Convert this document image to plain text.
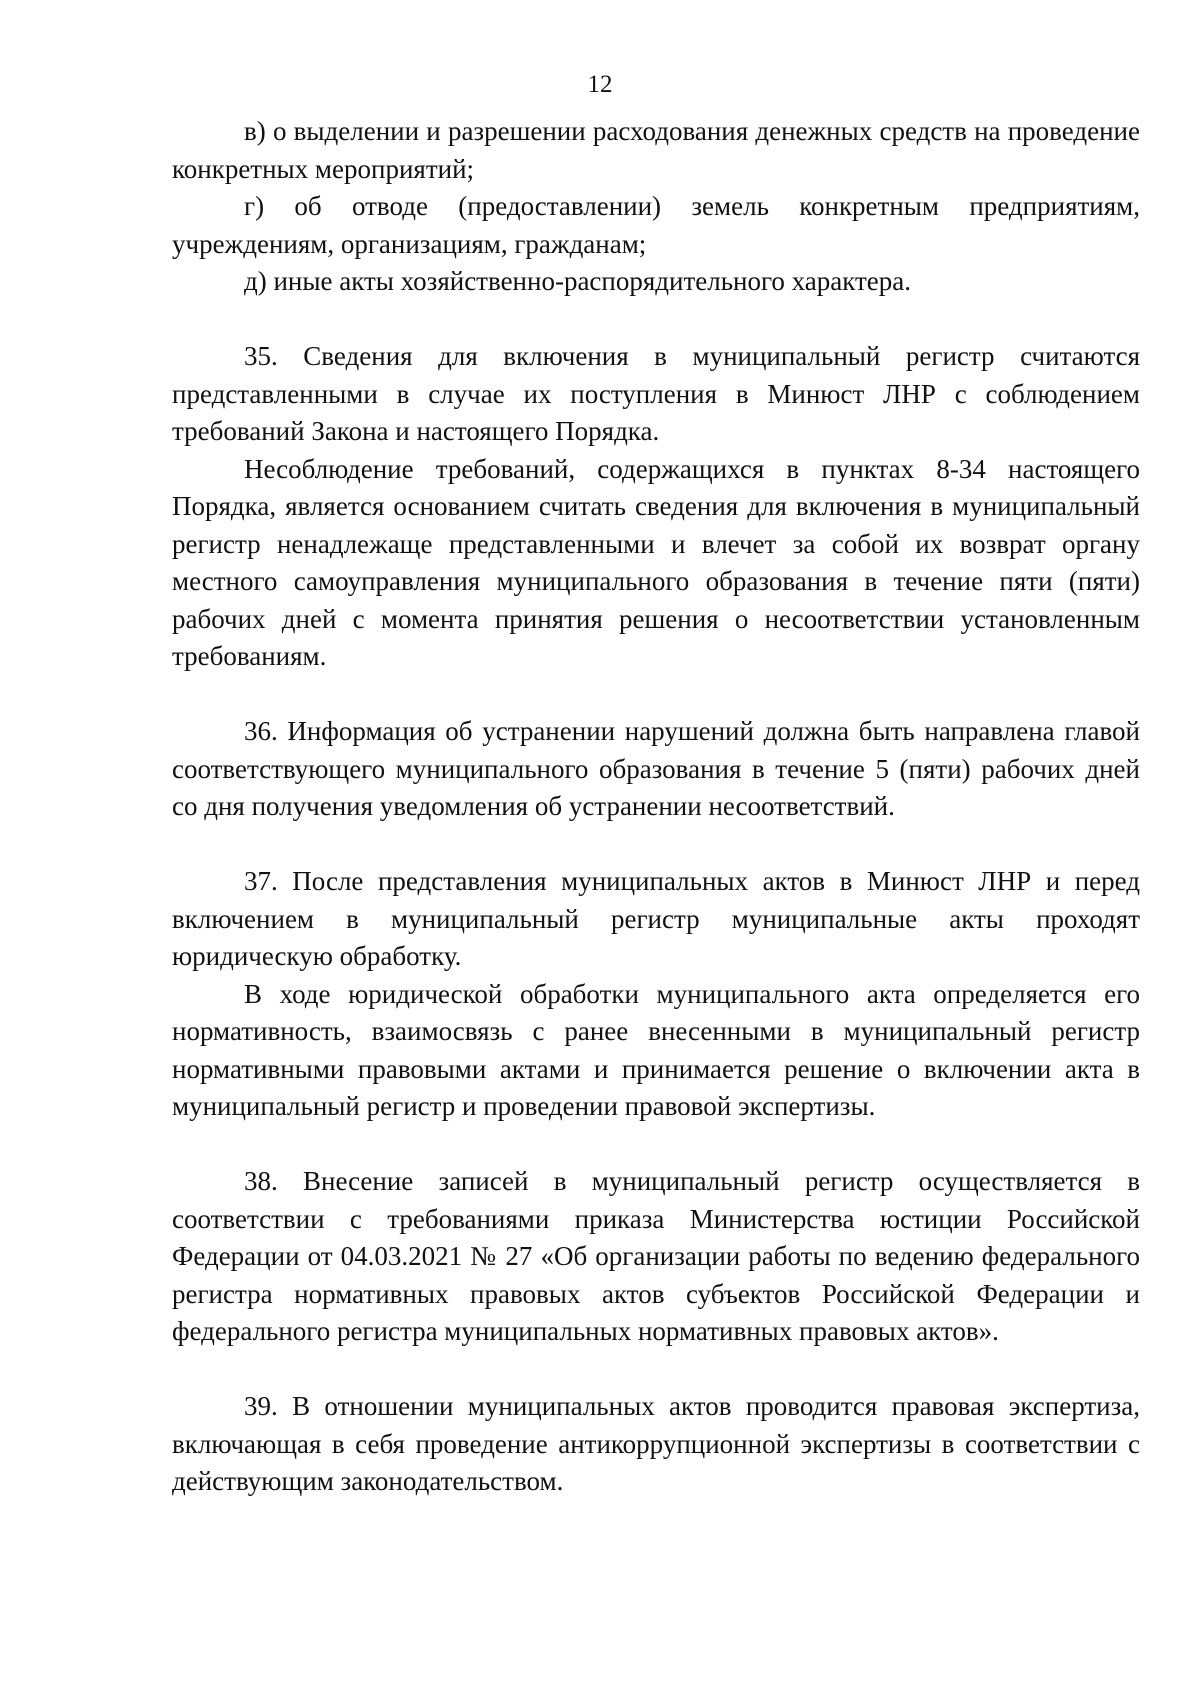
12

в) о выделении и разрешении расходования денежных средств на проведение конкретных мероприятий;

г) об отводе (предоставлении) земель конкретным предприятиям, учреждениям, организациям, гражданам;

д) иные акты хозяйственно-распорядительного характера.

35. Сведения для включения в муниципальный регистр считаются представленными в случае их поступления в Минюст ЛНР с соблюдением требований Закона и настоящего Порядка.

Несоблюдение требований, содержащихся в пунктах 8-34 настоящего Порядка, является основанием считать сведения для включения в муниципальный регистр ненадлежаще представленными и влечет за собой их возврат органу местного самоуправления муниципального образования в течение пяти (пяти) рабочих дней с момента принятия решения о несоответствии установленным требованиям.

36. Информация об устранении нарушений должна быть направлена главой соответствующего муниципального образования в течение 5 (пяти) рабочих дней со дня получения уведомления об устранении несоответствий.

37. После представления муниципальных актов в Минюст ЛНР и перед включением в муниципальный регистр муниципальные акты проходят юридическую обработку.

В ходе юридической обработки муниципального акта определяется его нормативность, взаимосвязь с ранее внесенными в муниципальный регистр нормативными правовыми актами и принимается решение о включении акта в муниципальный регистр и проведении правовой экспертизы.

38. Внесение записей в муниципальный регистр осуществляется в соответствии с требованиями приказа Министерства юстиции Российской Федерации от 04.03.2021 № 27 «Об организации работы по ведению федерального регистра нормативных правовых актов субъектов Российской Федерации и федерального регистра муниципальных нормативных правовых актов».

39. В отношении муниципальных актов проводится правовая экспертиза, включающая в себя проведение антикоррупционной экспертизы в соответствии с действующим законодательством.
